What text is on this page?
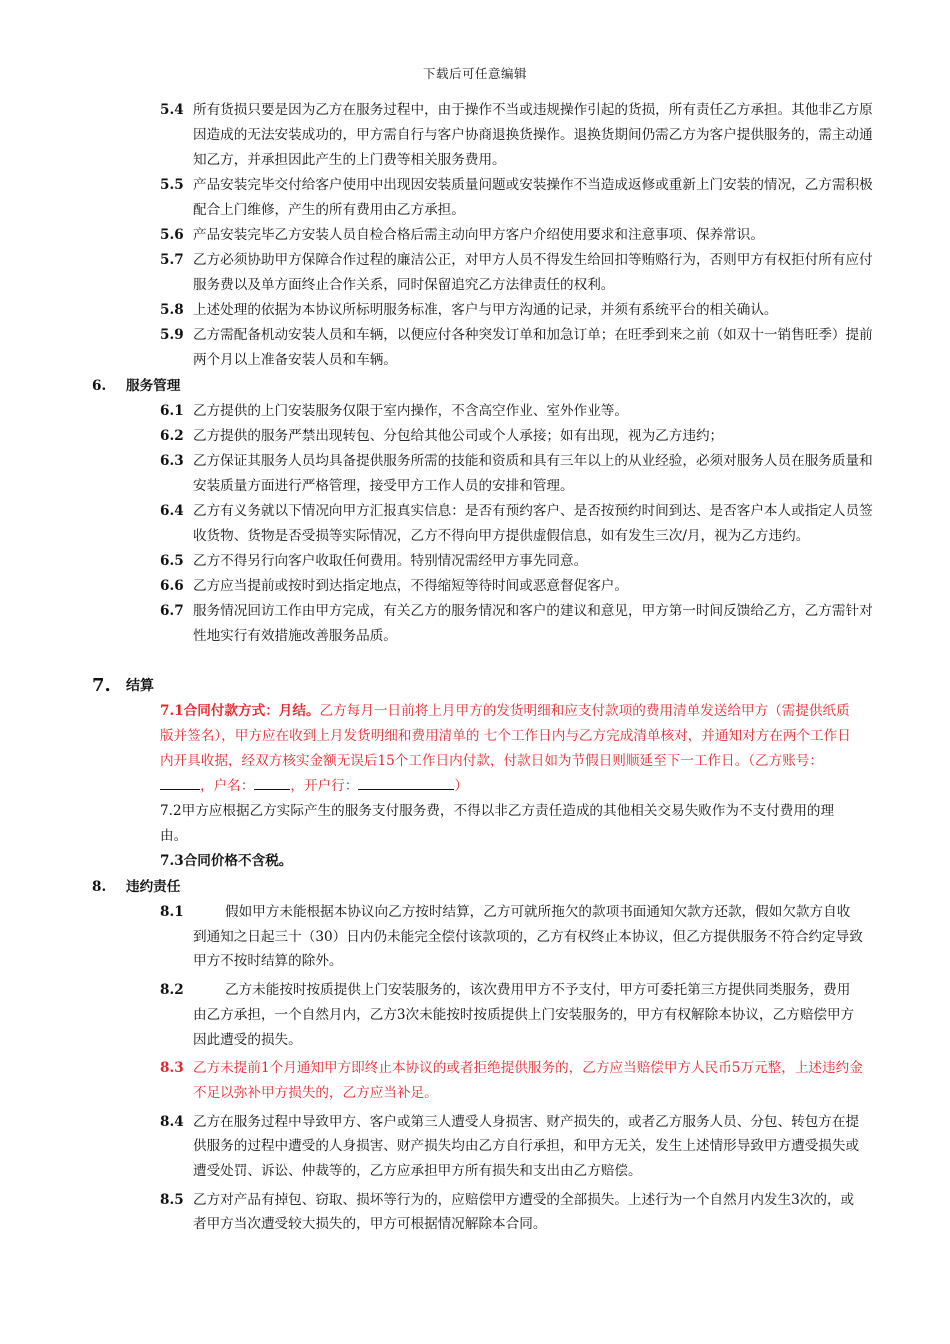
下载后可任意编辑
5.4 所有货损只要是因为乙方在服务过程中，由于操作不当或违规操作引起的货损，所有责任乙方承担。其他非乙方原因造成的无法安装成功的，甲方需自行与客户协商退换货操作。退换货期间仍需乙方为客户提供服务的，需主动通知乙方，并承担因此产生的上门费等相关服务费用。
5.5 产品安装完毕交付给客户使用中出现因安装质量问题或安装操作不当造成返修或重新上门安装的情况，乙方需积极配合上门维修，产生的所有费用由乙方承担。
5.6 产品安装完毕乙方安装人员自检合格后需主动向甲方客户介绍使用要求和注意事项、保养常识。
5.7 乙方必须协助甲方保障合作过程的廉洁公正，对甲方人员不得发生给回扣等贿赂行为，否则甲方有权拒付所有应付服务费以及单方面终止合作关系，同时保留追究乙方法律责任的权利。
5.8 上述处理的依据为本协议所标明服务标准，客户与甲方沟通的记录，并须有系统平台的相关确认。
5.9 乙方需配备机动安装人员和车辆，以便应付各种突发订单和加急订单；在旺季到来之前（如双十一销售旺季）提前两个月以上准备安装人员和车辆。
6. 服务管理
6.1 乙方提供的上门安装服务仅限于室内操作，不含高空作业、室外作业等。
6.2 乙方提供的服务严禁出现转包、分包给其他公司或个人承接；如有出现，视为乙方违约；
6.3 乙方保证其服务人员均具备提供服务所需的技能和资质和具有三年以上的从业经验，必须对服务人员在服务质量和安装质量方面进行严格管理，接受甲方工作人员的安排和管理。
6.4 乙方有义务就以下情况向甲方汇报真实信息：是否有预约客户、是否按预约时间到达、是否客户本人或指定人员签收货物、货物是否受损等实际情况，乙方不得向甲方提供虚假信息，如有发生三次/月，视为乙方违约。
6.5 乙方不得另行向客户收取任何费用。特别情况需经甲方事先同意。
6.6 乙方应当提前或按时到达指定地点，不得缩短等待时间或恶意督促客户。
6.7 服务情况回访工作由甲方完成，有关乙方的服务情况和客户的建议和意见，甲方第一时间反馈给乙方，乙方需针对性地实行有效措施改善服务品质。
7. 结算
7.1合同付款方式：月结。乙方每月一日前将上月甲方的发货明细和应支付款项的费用清单发送给甲方（需提供纸质版并签名），甲方应在收到上月发货明细和费用清单的 七个工作日内与乙方完成清单核对，并通知对方在两个工作日内开具收据，经双方核实金额无误后15个工作日内付款，付款日如为节假日则顺延至下一工作日。（乙方账号：，户名：	，开户行：	）
7.2甲方应根据乙方实际产生的服务支付服务费，不得以非乙方责任造成的其他相关交易失败作为不支付费用的理由。
7.3合同价格不含税。
8. 违约责任
8.1	假如甲方未能根据本协议向乙方按时结算，乙方可就所拖欠的款项书面通知欠款方还款，假如欠款方自收到通知之日起三十（30）日内仍未能完全偿付该款项的，乙方有权终止本协议，但乙方提供服务不符合约定导致甲方不按时结算的除外。
8.2	乙方未能按时按质提供上门安装服务的，该次费用甲方不予支付，甲方可委托第三方提供同类服务，费用由乙方承担，一个自然月内，乙方3次未能按时按质提供上门安装服务的，甲方有权解除本协议，乙方赔偿甲方因此遭受的损失。
8.3 乙方未提前1个月通知甲方即终止本协议的或者拒绝提供服务的，乙方应当赔偿甲方人民币5万元整，上述违约金不足以弥补甲方损失的，乙方应当补足。
8.4 乙方在服务过程中导致甲方、客户或第三人遭受人身损害、财产损失的，或者乙方服务人员、分包、转包方在提供服务的过程中遭受的人身损害、财产损失均由乙方自行承担，和甲方无关，发生上述情形导致甲方遭受损失或遭受处罚、诉讼、仲裁等的，乙方应承担甲方所有损失和支出由乙方赔偿。
8.5 乙方对产品有掉包、窃取、损坏等行为的，应赔偿甲方遭受的全部损失。上述行为一个自然月内发生3次的，或者甲方当次遭受较大损失的，甲方可根据情况解除本合同。
